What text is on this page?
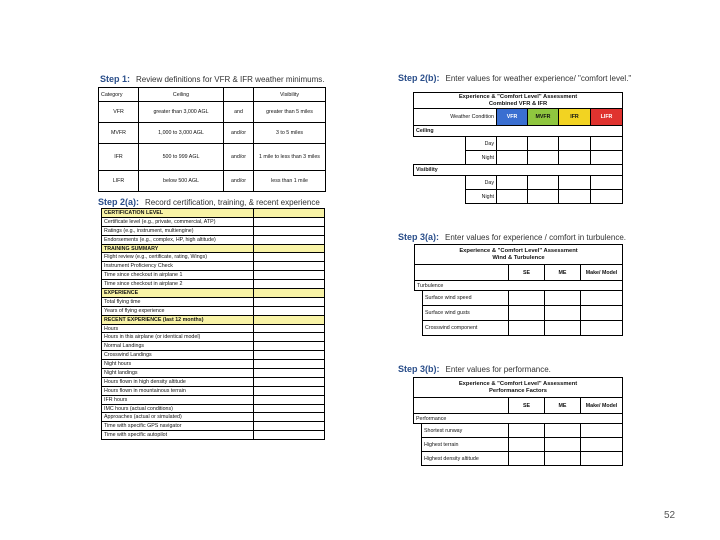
Step 1: Review definitions for VFR & IFR weather minimums.
Category	Ceiling		Visibility
VFR	greater than 3,000 AGL	and	greater than 5 miles
MVFR	1,000 to 3,000 AGL	and/or	3 to 5 miles
IFR	500 to 999 AGL	and/or	1 mile to less than 3 miles
LIFR	below 500 AGL	and/or	less than 1 mile
Step 2(a): Record certification, training, & recent experience
CERTIFICATION LEVEL	
Certificate level (e.g., private, commercial, ATP)	
Ratings (e.g., instrument, multiengine)	
Endorsements (e.g., complex, HP, high altitude)	
TRAINING SUMMARY	
Flight review (e.g., certificate, rating, Wings)	
Instrument Proficiency Check	
Time since checkout in airplane 1	
Time since checkout in airplane 2	
EXPERIENCE	
Total flying time	
Years of flying experience	
RECENT EXPERIENCE (last 12 months)	
Hours	
Hours in this airplane (or identical model)	
Normal Landings	
Crosswind Landings	
Night hours	
Night landings	
Hours flown in high density altitude	
Hours flown in mountainous terrain	
IFR hours	
IMC hours (actual conditions)	
Approaches (actual or simulated)	
Time with specific GPS navigator	
Time with specific autopilot	
Step 2(b): Enter values for weather experience/ "comfort level."
Experience & "Comfort Level" Assessment
Combined VFR & IFR					

Weather Condition		VFR	MVFR	IFR	LIFR
Ceiling					
	Day				
	Night				
Visibility					
	Day				
	Night				
Step 3(a): Enter values for experience / comfort in turbulence.
Experience & "Comfort Level" Assessment
Wind & Turbulence				

		SE	ME	Make/ Model
Turbulence				
	Surface wind speed			
	Surface wind gusts			
	Crosswind component			
Step 3(b): Enter values for performance.
Experience & "Comfort Level" Assessment
Performance Factors				

		SE	ME	Make/ Model
Performance				
	Shortest runway			
	Highest terrain			
	Highest density altitude			
52
